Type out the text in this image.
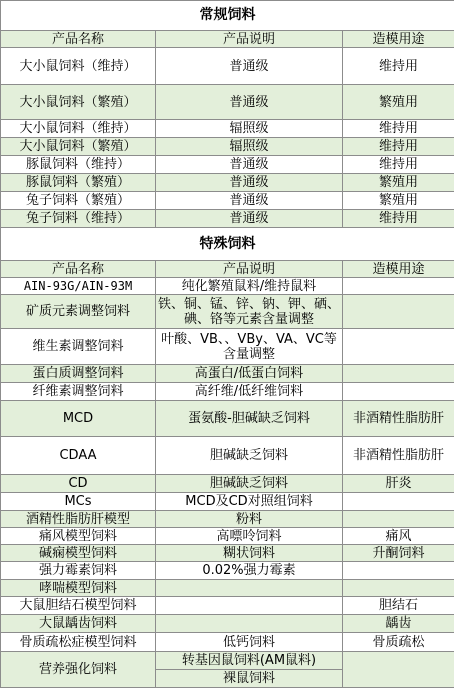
常规饲料		
产品名称	产品说明	造模用途
大小鼠饲料（维持）	普通级	维持用
大小鼠饲料（繁殖）	普通级	繁殖用
大小鼠饲料（维持）	辐照级	维持用
大小鼠饲料（繁殖）	辐照级	维持用
豚鼠饲料（维持）	普通级	维持用
豚鼠饲料（繁殖）	普通级	繁殖用
兔子饲料（繁殖）	普通级	繁殖用
兔子饲料（维持）	普通级	维持用
特殊饲料		
产品名称	产品说明	造模用途
AIN-93G/AIN-93M	纯化繁殖鼠料/维持鼠料	
矿质元素调整饲料	铁、铜、锰、锌、钠、钾、硒、碘、铬等元素含量调整	
维生素调整饲料	叶酸、VB、、VBy、VA、VC等含量调整	
蛋白质调整饲料	高蛋白/低蛋白饲料	
纤维素调整饲料	高纤维/低纤维饲料	
MCD	蛋氨酸-胆碱缺乏饲料	非酒精性脂肪肝
CDAA	胆碱缺乏饲料	非酒精性脂肪肝
CD	胆碱缺乏饲料	肝炎
MCs	MCD及CD对照组饲料	
酒精性脂肪肝模型	粉料	
痛风模型饲料	高嘌呤饲料	痛风
碱痫模型饲料	糊状饲料	升酮饲料
强力霉素饲料	0.02%强力霉素	
哮喘模型饲料		
大鼠胆结石模型饲料		胆结石
大鼠龋齿饲料		龋齿
骨质疏松症模型饲料	低钙饲料	骨质疏松
营养强化饲料	转基因鼠饲料(AM鼠料)	
	裸鼠饲料	
